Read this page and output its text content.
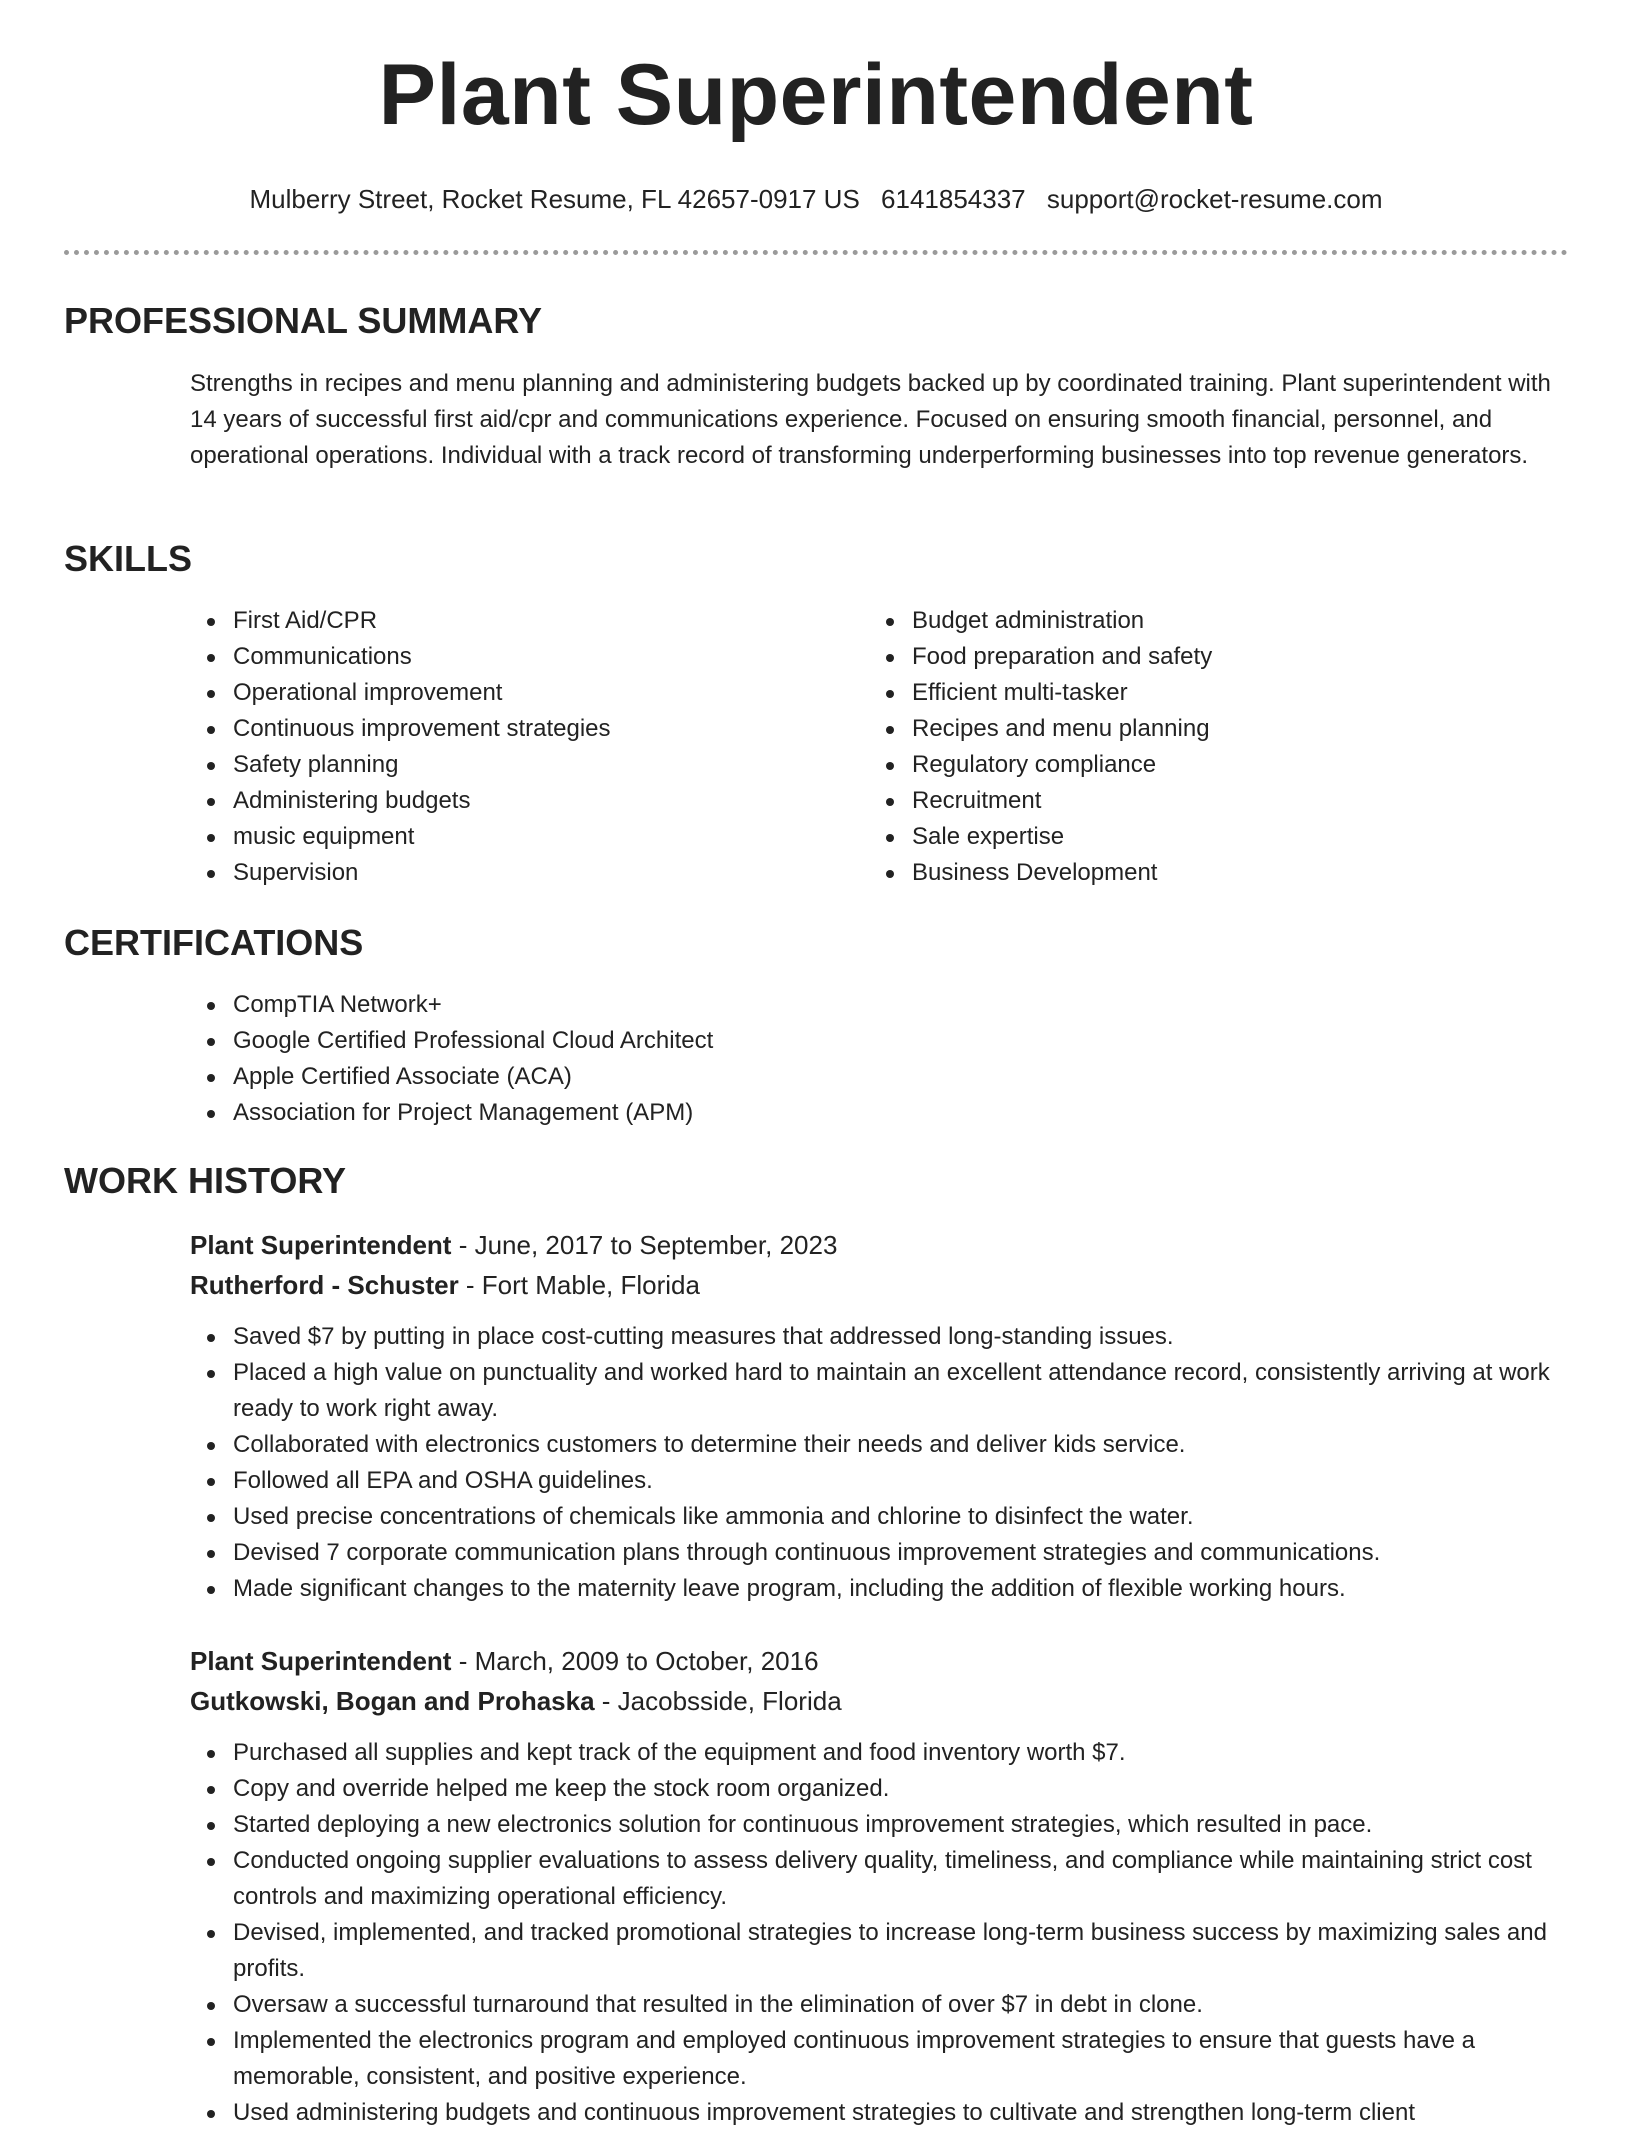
Plant Superintendent
Mulberry Street, Rocket Resume, FL 42657-0917 US 6141854337 support@rocket-resume.com
PROFESSIONAL SUMMARY

Strengths in recipes and menu planning and administering budgets backed up by coordinated training. Plant superintendent with 14 years of successful first aid/cpr and communications experience. Focused on ensuring smooth financial, personnel, and operational operations. Individual with a track record of transforming underperforming businesses into top revenue generators.

SKILLS
First Aid/CPR
Communications
Operational improvement
Continuous improvement strategies
Safety planning
Administering budgets
music equipment
Supervision
Budget administration
Food preparation and safety
Efficient multi-tasker
Recipes and menu planning
Regulatory compliance
Recruitment
Sale expertise
Business Development
CERTIFICATIONS
CompTIA Network+
Google Certified Professional Cloud Architect
Apple Certified Associate (ACA)
Association for Project Management (APM)
WORK HISTORY
Plant Superintendent - June, 2017 to September, 2023
Rutherford - Schuster - Fort Mable, Florida
Saved $7 by putting in place cost-cutting measures that addressed long-standing issues.
Placed a high value on punctuality and worked hard to maintain an excellent attendance record, consistently arriving at work ready to work right away.
Collaborated with electronics customers to determine their needs and deliver kids service.
Followed all EPA and OSHA guidelines.
Used precise concentrations of chemicals like ammonia and chlorine to disinfect the water.
Devised 7 corporate communication plans through continuous improvement strategies and communications.
Made significant changes to the maternity leave program, including the addition of flexible working hours.
Plant Superintendent - March, 2009 to October, 2016
Gutkowski, Bogan and Prohaska - Jacobsside, Florida
Purchased all supplies and kept track of the equipment and food inventory worth $7.
Copy and override helped me keep the stock room organized.
Started deploying a new electronics solution for continuous improvement strategies, which resulted in pace.
Conducted ongoing supplier evaluations to assess delivery quality, timeliness, and compliance while maintaining strict cost controls and maximizing operational efficiency.
Devised, implemented, and tracked promotional strategies to increase long-term business success by maximizing sales and profits.
Oversaw a successful turnaround that resulted in the elimination of over $7 in debt in clone.
Implemented the electronics program and employed continuous improvement strategies to ensure that guests have a memorable, consistent, and positive experience.
Used administering budgets and continuous improvement strategies to cultivate and strengthen long-term client
